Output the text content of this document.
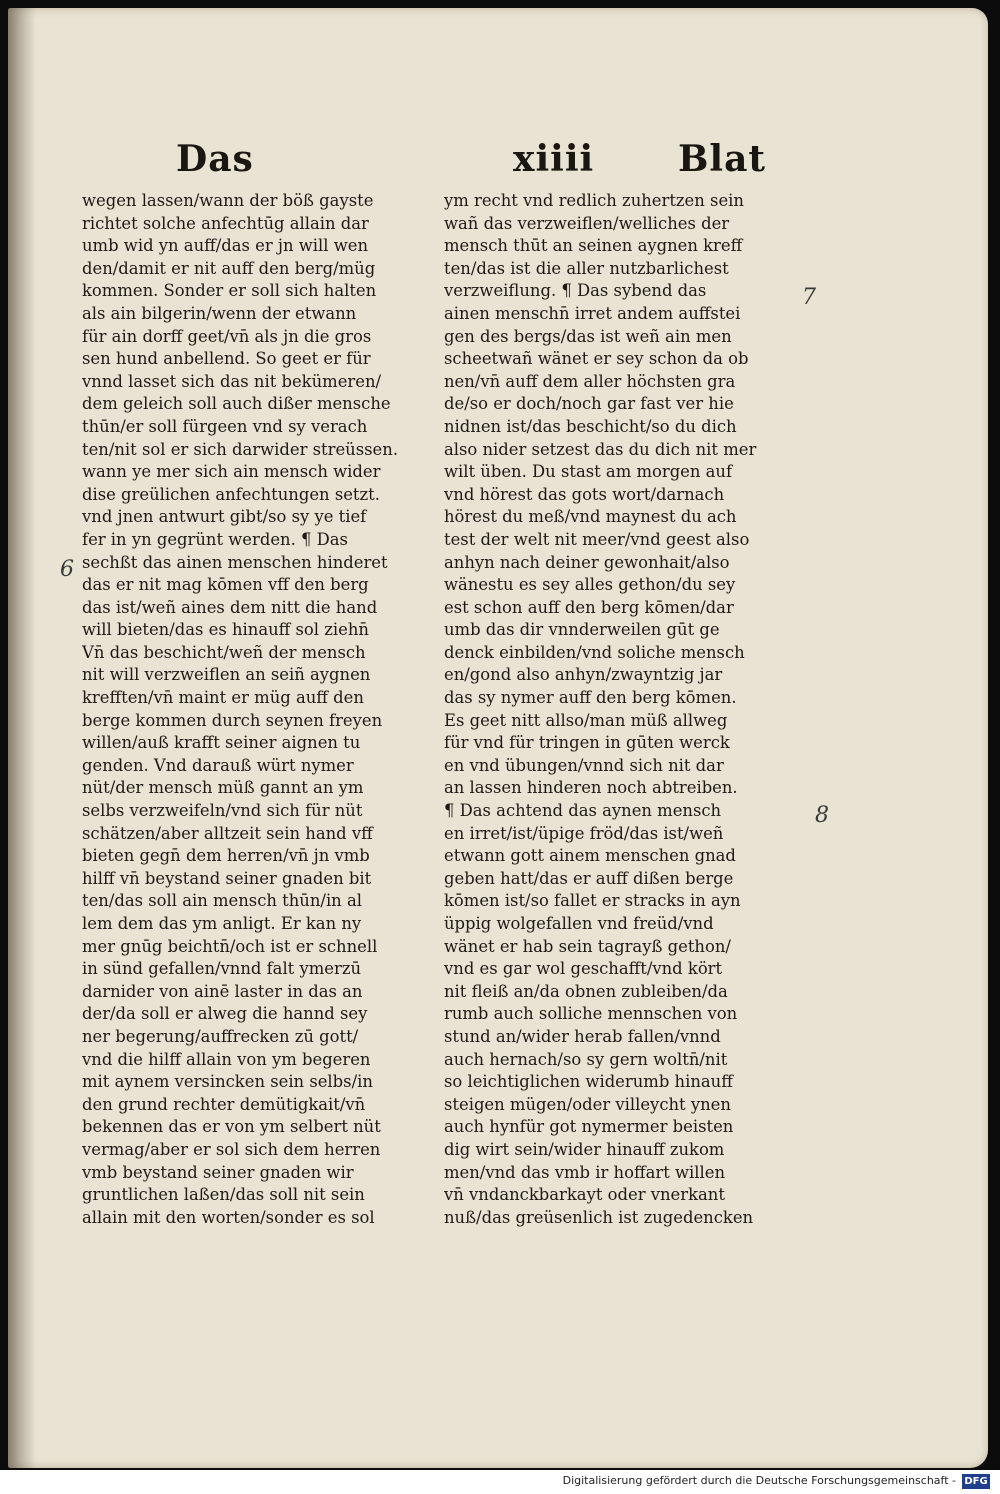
Das	xiiii Blat
wegen lassen/wann der böß gayste
richtet solche anfechtūg allain dar
umb wid yn auff/das er jn will wen
den/damit er nit auff den berg/müg
kommen. Sonder er soll sich halten
als ain bilgerin/wenn der etwann
für ain dorff geet/vn̄ als jn die gros
sen hund anbellend. So geet er für
vnnd lasset sich das nit bekümeren/
dem geleich soll auch dißer mensche
thūn/er soll fürgeen vnd sy verach
ten/nit sol er sich darwider streüssen.
wann ye mer sich ain mensch wider
dise greülichen anfechtungen setzt.
vnd jnen antwurt gibt/so sy ye tief
fer in yn gegrünt werden. ¶ Das
sechßt das ainen menschen hinderet
das er nit mag kōmen vff den berg
das ist/weñ aines dem nitt die hand
will bieten/das es hinauff sol ziehn̄
Vn̄ das beschicht/weñ der mensch
nit will verzweiflen an seiñ aygnen
krefften/vn̄ maint er müg auff den
berge kommen durch seynen freyen
willen/auß krafft seiner aignen tu
genden. Vnd darauß würt nymer
nüt/der mensch müß gannt an ym
selbs verzweifeln/vnd sich für nüt
schätzen/aber alltzeit sein hand vff
bieten gegn̄ dem herren/vn̄ jn vmb
hilff vn̄ beystand seiner gnaden bit
ten/das soll ain mensch thūn/in al
lem dem das ym anligt. Er kan ny
mer gnūg beichtn̄/och ist er schnell
in sünd gefallen/vnnd falt ymerzū
darnider von ainē laster in das an
der/da soll er alweg die hannd sey
ner begerung/auffrecken zū gott/
vnd die hilff allain von ym begeren
mit aynem versincken sein selbs/in
den grund rechter demütigkait/vn̄
bekennen das er von ym selbert nüt
vermag/aber er sol sich dem herren
vmb beystand seiner gnaden wir
gruntlichen laßen/das soll nit sein
allain mit den worten/sonder es sol
ym recht vnd redlich zuhertzen sein
wañ das verzweiflen/welliches der
mensch thūt an seinen aygnen kreff
ten/das ist die aller nutzbarlichest
verzweiflung. ¶ Das sybend das
ainen menschn̄ irret andem auffstei
gen des bergs/das ist weñ ain men
scheetwañ wänet er sey schon da ob
nen/vn̄ auff dem aller höchsten gra
de/so er doch/noch gar fast ver hie
nidnen ist/das beschicht/so du dich
also nider setzest das du dich nit mer
wilt üben. Du stast am morgen auf
vnd hörest das gots wort/darnach
hörest du meß/vnd maynest du ach
test der welt nit meer/vnd geest also
anhyn nach deiner gewonhait/also
wänestu es sey alles gethon/du sey
est schon auff den berg kōmen/dar
umb das dir vnnderweilen gūt ge
denck einbilden/vnd soliche mensch
en/gond also anhyn/zwayntzig jar
das sy nymer auff den berg kōmen.
Es geet nitt allso/man müß allweg
für vnd für tringen in gūten werck
en vnd übungen/vnnd sich nit dar
an lassen hinderen noch abtreiben.
¶ Das achtend das aynen mensch
en irret/ist/üpige fröd/das ist/weñ
etwann gott ainem menschen gnad
geben hatt/das er auff dißen berge
kōmen ist/so fallet er stracks in ayn
üppig wolgefallen vnd freüd/vnd
wänet er hab sein tagrayß gethon/
vnd es gar wol geschafft/vnd kört
nit fleiß an/da obnen zubleiben/da
rumb auch solliche mennschen von
stund an/wider herab fallen/vnnd
auch hernach/so sy gern woltn̄/nit
so leichtiglichen widerumb hinauff
steigen mügen/oder villeycht ynen
auch hynfür got nymermer beisten
dig wirt sein/wider hinauff zukom
men/vnd das vmb ir hoffart willen
vn̄ vndanckbarkayt oder vnerkant
nuß/das greüsenlich ist zugedencken
7
6
8
Digitalisierung gefördert durch die Deutsche Forschungsgemeinschaft - DFG
